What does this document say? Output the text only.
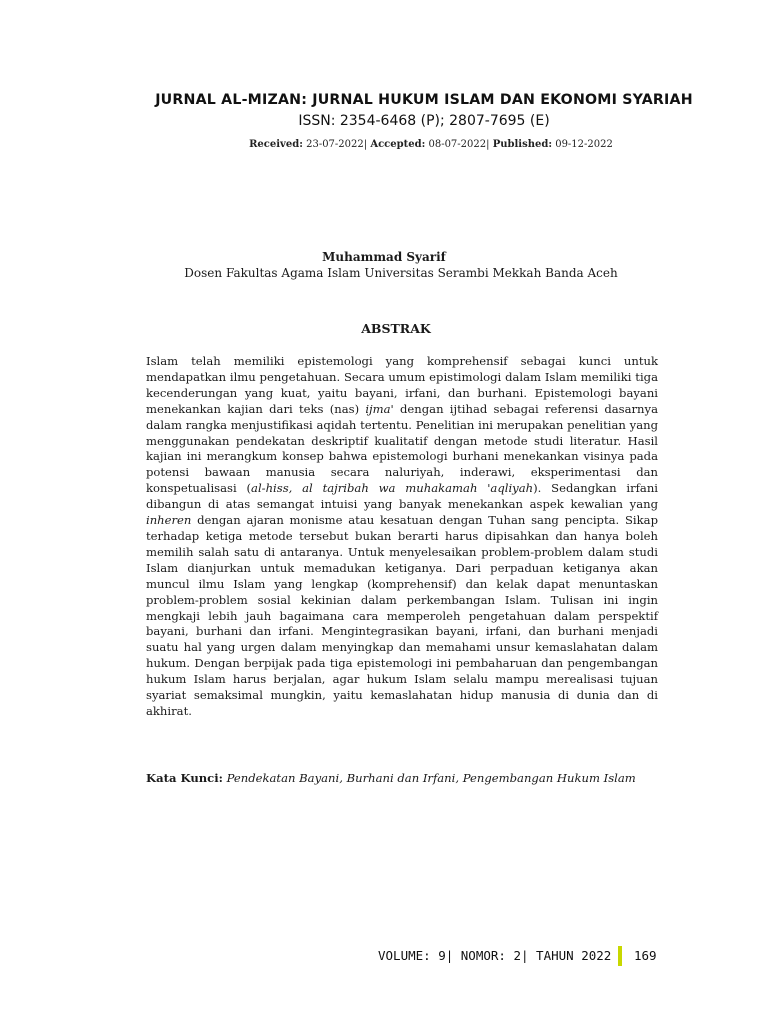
JURNAL AL-MIZAN: JURNAL HUKUM ISLAM DAN EKONOMI SYARIAH
ISSN: 2354-6468 (P); 2807-7695 (E)
Received: 23-07-2022| Accepted: 08-07-2022| Published: 09-12-2022
Muhammad Syarif
Dosen Fakultas Agama Islam Universitas Serambi Mekkah Banda Aceh
ABSTRAK

Islam telah memiliki epistemologi yang komprehensif sebagai kunci untuk mendapatkan ilmu pengetahuan. Secara umum epistimologi dalam Islam memiliki tiga kecenderungan yang kuat, yaitu bayani, irfani, dan burhani. Epistemologi bayani menekankan kajian dari teks (nas) ijma' dengan ijtihad sebagai referensi dasarnya dalam rangka menjustifikasi aqidah tertentu. Penelitian ini merupakan penelitian yang menggunakan pendekatan deskriptif kualitatif dengan metode studi literatur. Hasil kajian ini merangkum konsep bahwa epistemologi burhani menekankan visinya pada potensi bawaan manusia secara naluriyah, inderawi, eksperimentasi dan konspetualisasi (al-hiss, al tajribah wa muhakamah 'aqliyah). Sedangkan irfani dibangun di atas semangat intuisi yang banyak menekankan aspek kewalian yang inheren dengan ajaran monisme atau kesatuan dengan Tuhan sang pencipta. Sikap terhadap ketiga metode tersebut bukan berarti harus dipisahkan dan hanya boleh memilih salah satu di antaranya. Untuk menyelesaikan problem-problem dalam studi Islam dianjurkan untuk memadukan ketiganya. Dari perpaduan ketiganya akan muncul ilmu Islam yang lengkap (komprehensif) dan kelak dapat menuntaskan problem-problem sosial kekinian dalam perkembangan Islam. Tulisan ini ingin mengkaji lebih jauh bagaimana cara memperoleh pengetahuan dalam perspektif bayani, burhani dan irfani. Mengintegrasikan bayani, irfani, dan burhani menjadi suatu hal yang urgen dalam menyingkap dan memahami unsur kemaslahatan dalam hukum. Dengan berpijak pada tiga epistemologi ini pembaharuan dan pengembangan hukum Islam harus berjalan, agar hukum Islam selalu mampu merealisasi tujuan syariat semaksimal mungkin, yaitu kemaslahatan hidup manusia di dunia dan di akhirat.

Kata Kunci: Pendekatan Bayani, Burhani dan Irfani, Pengembangan Hukum Islam

VOLUME: 9| NOMOR: 2| TAHUN 2022 169
